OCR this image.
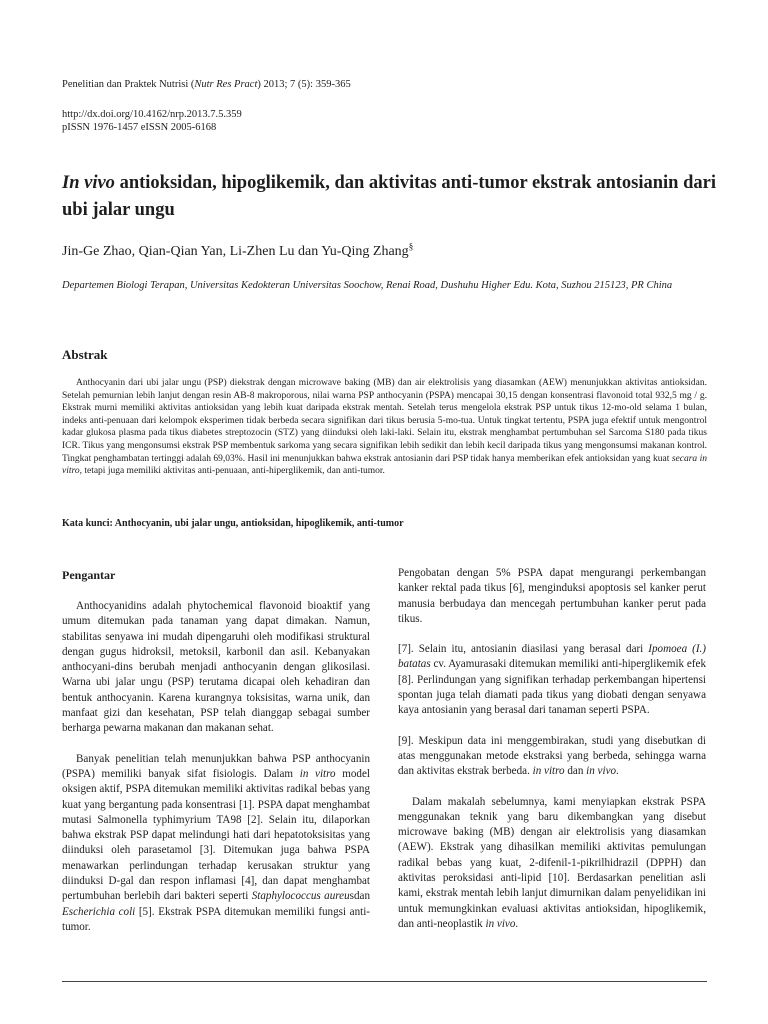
Penelitian dan Praktek Nutrisi (Nutr Res Pract) 2013; 7 (5): 359-365
http://dx.doi.org/10.4162/nrp.2013.7.5.359
pISSN 1976-1457 eISSN 2005-6168
In vivo antioksidan, hipoglikemik, dan aktivitas anti-tumor ekstrak antosianin dari ubi jalar ungu
Jin-Ge Zhao, Qian-Qian Yan, Li-Zhen Lu dan Yu-Qing Zhang§
Departemen Biologi Terapan, Universitas Kedokteran Universitas Soochow, Renai Road, Dushuhu Higher Edu. Kota, Suzhou 215123, PR China
Abstrak

Anthocyanin dari ubi jalar ungu (PSP) diekstrak dengan microwave baking (MB) dan air elektrolisis yang diasamkan (AEW) menunjukkan aktivitas antioksidan. Setelah pemurnian lebih lanjut dengan resin AB-8 makroporous, nilai warna PSP anthocyanin (PSPA) mencapai 30,15 dengan konsentrasi flavonoid total 932,5 mg / g. Ekstrak murni memiliki aktivitas antioksidan yang lebih kuat daripada ekstrak mentah. Setelah terus mengelola ekstrak PSP untuk tikus 12-mo-old selama 1 bulan, indeks anti-penuaan dari kelompok eksperimen tidak berbeda secara signifikan dari tikus berusia 5-mo-tua. Untuk tingkat tertentu, PSPA juga efektif untuk mengontrol kadar glukosa plasma pada tikus diabetes streptozocin (STZ) yang diinduksi oleh laki-laki. Selain itu, ekstrak menghambat pertumbuhan sel Sarcoma S180 pada tikus ICR. Tikus yang mengonsumsi ekstrak PSP membentuk sarkoma yang secara signifikan lebih sedikit dan lebih kecil daripada tikus yang mengonsumsi makanan kontrol. Tingkat penghambatan tertinggi adalah 69,03%. Hasil ini menunjukkan bahwa ekstrak antosianin dari PSP tidak hanya memberikan efek antioksidan yang kuat secara in vitro, tetapi juga memiliki aktivitas anti-penuaan, anti-hiperglikemik, dan anti-tumor.

Kata kunci: Anthocyanin, ubi jalar ungu, antioksidan, hipoglikemik, anti-tumor
Pengantar

Anthocyanidins adalah phytochemical flavonoid bioaktif yang umum ditemukan pada tanaman yang dapat dimakan. Namun, stabilitas senyawa ini mudah dipengaruhi oleh modifikasi struktural dengan gugus hidroksil, metoksil, karbonil dan asil. Kebanyakan anthocyani-dins berubah menjadi anthocyanin dengan glikosilasi. Warna ubi jalar ungu (PSP) terutama dicapai oleh kehadiran dan bentuk anthocyanin. Karena kurangnya toksisitas, warna unik, dan manfaat gizi dan kesehatan, PSP telah dianggap sebagai sumber berharga pewarna makanan dan makanan sehat.

Banyak penelitian telah menunjukkan bahwa PSP anthocyanin (PSPA) memiliki banyak sifat fisiologis. Dalam in vitro model oksigen aktif, PSPA ditemukan memiliki aktivitas radikal bebas yang kuat yang bergantung pada konsentrasi [1]. PSPA dapat menghambat mutasi Salmonella typhimyrium TA98 [2]. Selain itu, dilaporkan bahwa ekstrak PSP dapat melindungi hati dari hepatotoksisitas yang diinduksi oleh parasetamol [3]. Ditemukan juga bahwa PSPA menawarkan perlindungan terhadap kerusakan struktur yang diinduksi D-gal dan respon inflamasi [4], dan dapat menghambat pertumbuhan berlebih dari bakteri seperti Staphylococcus aureusdan Escherichia coli [5]. Ekstrak PSPA ditemukan memiliki fungsi anti-tumor.

Pengobatan dengan 5% PSPA dapat mengurangi perkembangan kanker rektal pada tikus [6], menginduksi apoptosis sel kanker perut manusia berbudaya dan mencegah pertumbuhan kanker perut pada tikus.

[7]. Selain itu, antosianin diasilasi yang berasal dari Ipomoea (I.) batatas cv. Ayamurasaki ditemukan memiliki anti-hiperglikemik efek [8]. Perlindungan yang signifikan terhadap perkembangan hipertensi spontan juga telah diamati pada tikus yang diobati dengan senyawa kaya antosianin yang berasal dari tanaman seperti PSPA.

[9]. Meskipun data ini menggembirakan, studi yang disebutkan di atas menggunakan metode ekstraksi yang berbeda, sehingga warna dan aktivitas ekstrak berbeda. in vitro dan in vivo.

Dalam makalah sebelumnya, kami menyiapkan ekstrak PSPA menggunakan teknik yang baru dikembangkan yang disebut microwave baking (MB) dengan air elektrolisis yang diasamkan (AEW). Ekstrak yang dihasilkan memiliki aktivitas pemulungan radikal bebas yang kuat, 2-difenil-1-pikrilhidrazil (DPPH) dan aktivitas peroksidasi anti-lipid [10]. Berdasarkan penelitian asli kami, ekstrak mentah lebih lanjut dimurnikan dalam penyelidikan ini untuk memungkinkan evaluasi aktivitas antioksidan, hipoglikemik, dan anti-neoplastik in vivo.
